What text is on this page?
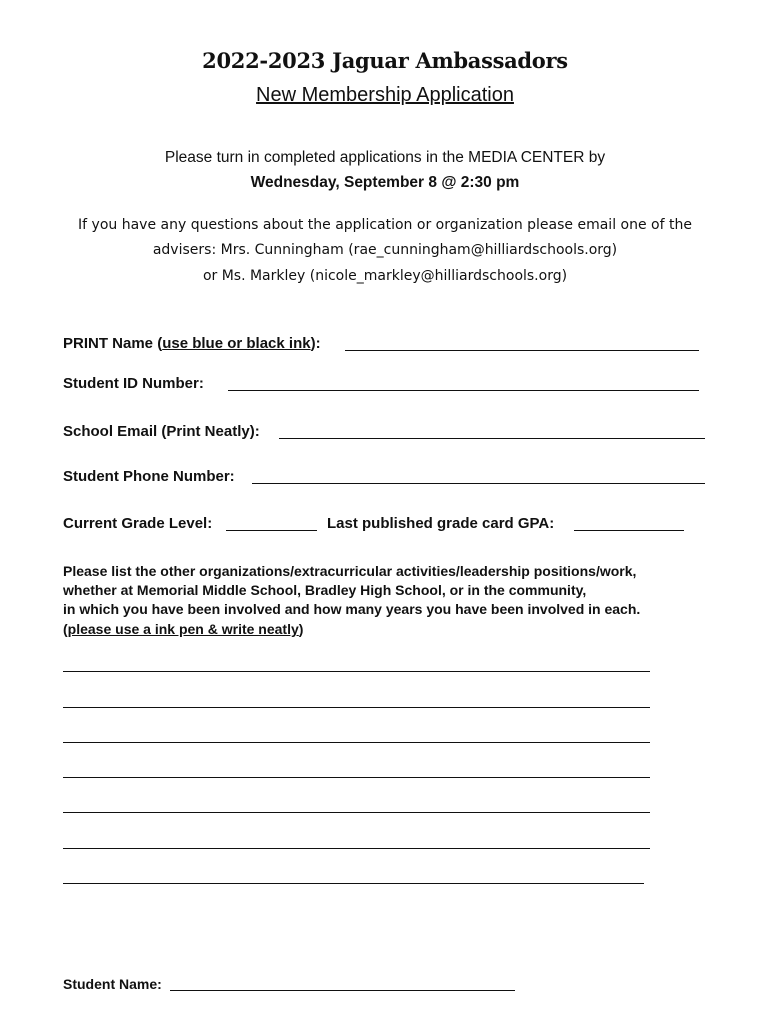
2022-2023 Jaguar Ambassadors
New Membership Application
Please turn in completed applications in the MEDIA CENTER by
Wednesday, September 8 @ 2:30 pm
If you have any questions about the application or organization please email one of the
advisers: Mrs. Cunningham (rae_cunningham@hilliardschools.org)
or Ms. Markley (nicole_markley@hilliardschools.org)
PRINT Name (use blue or black ink):
Student ID Number:
School Email (Print Neatly):
Student Phone Number:
Current Grade Level:	Last published grade card GPA:
Please list the other organizations/extracurricular activities/leadership positions/work,
whether at Memorial Middle School, Bradley High School, or in the community,
in which you have been involved and how many years you have been involved in each.
(please use a ink pen & write neatly)
Student Name:
